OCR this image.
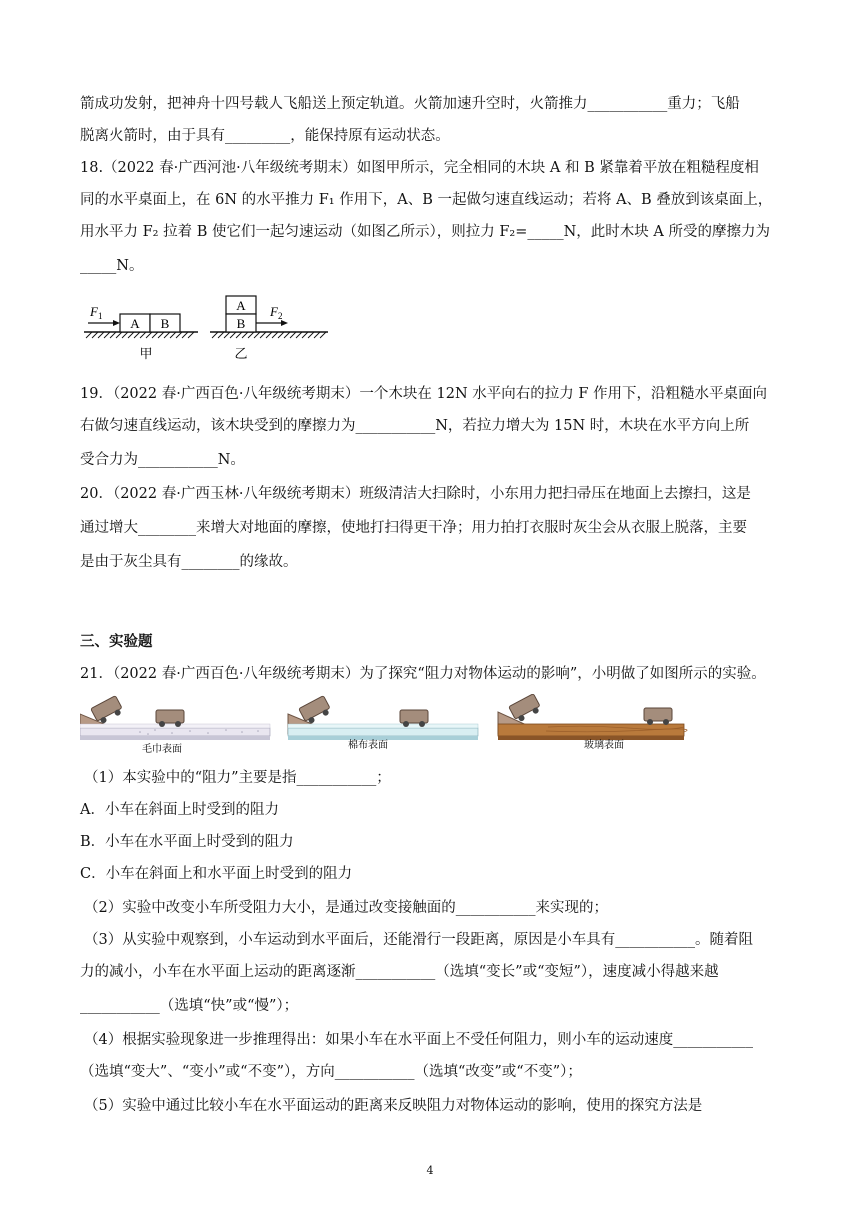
箭成功发射，把神舟十四号载人飞船送上预定轨道。火箭加速升空时，火箭推力___________重力；飞船
脱离火箭时，由于具有_________，能保持原有运动状态。
18.（2022 春·广西河池·八年级统考期末）如图甲所示，完全相同的木块 A 和 B 紧靠着平放在粗糙程度相
同的水平桌面上，在 6N 的水平推力 F₁ 作用下，A、B 一起做匀速直线运动；若将 A、B 叠放到该桌面上，
用水平力 F₂ 拉着 B 使它们一起匀速运动（如图乙所示），则拉力 F₂=_____N，此时木块 A 所受的摩擦力为
_____N。
A B
F 1
甲
A
B
F 2
乙
19．（2022 春·广西百色·八年级统考期末）一个木块在 12N 水平向右的拉力 F 作用下，沿粗糙水平桌面向
右做匀速直线运动，该木块受到的摩擦力为___________N，若拉力增大为 15N 时，木块在水平方向上所
受合力为___________N。
20．（2022 春·广西玉林·八年级统考期末）班级清洁大扫除时，小东用力把扫帚压在地面上去擦扫，这是
通过增大________来增大对地面的摩擦，使地打扫得更干净；用力拍打衣服时灰尘会从衣服上脱落，主要
是由于灰尘具有________的缘故。
三、实验题
21．（2022 春·广西百色·八年级统考期末）为了探究“阻力对物体运动的影响”，小明做了如图所示的实验。
毛巾表面	棉布表面	玻璃表面
（1）本实验中的“阻力”主要是指___________；
A．小车在斜面上时受到的阻力
B．小车在水平面上时受到的阻力
C．小车在斜面上和水平面上时受到的阻力
（2）实验中改变小车所受阻力大小，是通过改变接触面的___________来实现的；
（3）从实验中观察到，小车运动到水平面后，还能滑行一段距离，原因是小车具有___________。随着阻
力的减小，小车在水平面上运动的距离逐渐___________（选填“变长”或“变短”），速度减小得越来越
___________（选填“快”或“慢”）；
（4）根据实验现象进一步推理得出：如果小车在水平面上不受任何阻力，则小车的运动速度___________
（选填“变大”、“变小”或“不变”），方向___________（选填“改变”或“不变”）；
（5）实验中通过比较小车在水平面运动的距离来反映阻力对物体运动的影响，使用的探究方法是
4
